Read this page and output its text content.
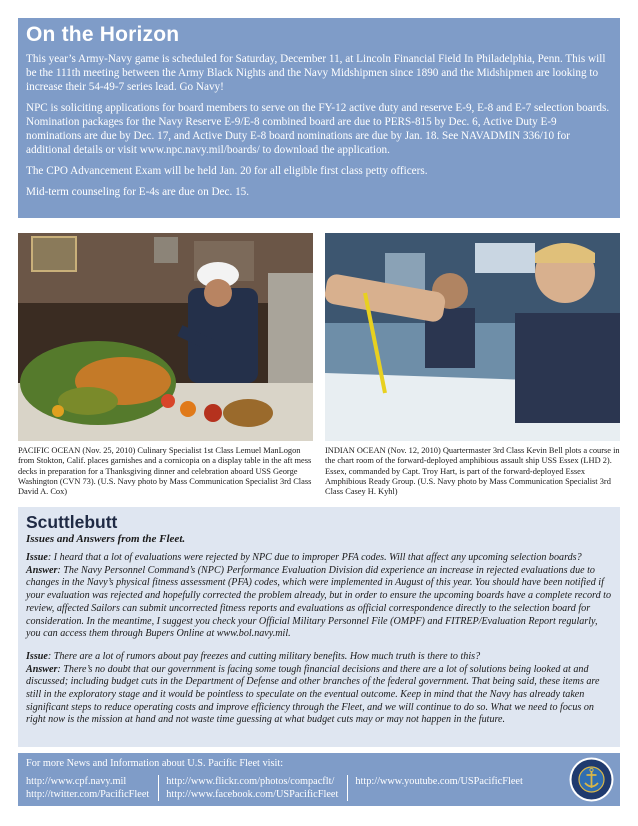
On the Horizon

This year’s Army-Navy game is scheduled for Saturday, December 11, at Lincoln Financial Field In Philadelphia, Penn. This will be the 111th meeting between the Army Black Nights and the Navy Midshipmen since 1890 and the Midshipmen are looking to increase their 54-49-7 series lead. Go Navy!

NPC is soliciting applications for board members to serve on the FY-12 active duty and reserve E-9, E-8 and E-7 selection boards. Nomination packages for the Navy Reserve E-9/E-8 combined board are due to PERS-815 by Dec. 6, Active Duty E-9 nominations are due by Dec. 17, and Active Duty E-8 board nominations are due by Jan. 18. See NAVADMIN 336/10 for additional details or visit www.npc.navy.mil/boards/ to download the application.

The CPO Advancement Exam will be held Jan. 20 for all eligible first class petty officers.

Mid-term counseling for E-4s are due on Dec. 15.

PACIFIC OCEAN (Nov. 25, 2010) Culinary Specialist 1st Class Lemuel ManLogon from Stokton, Calif. places garnishes and a cornicopia on a display table in the aft mess decks in preparation for a Thanksgiving dinner and celebration aboard USS George Washington (CVN 73). (U.S. Navy photo by Mass Communication Specialist 3rd Class David A. Cox)
INDIAN OCEAN (Nov. 12, 2010) Quartermaster 3rd Class Kevin Bell plots a course in the chart room of the forward-deployed amphibious assault ship USS Essex (LHD 2). Essex, commanded by Capt. Troy Hart, is part of the forward-deployed Essex Amphibious Ready Group. (U.S. Navy photo by Mass Communication Specialist 3rd Class Casey H. Kyhl)
Scuttlebutt
Issues and Answers from the Fleet.
Issue: I heard that a lot of evaluations were rejected by NPC due to improper PFA codes. Will that affect any upcoming selection boards?
Answer: The Navy Personnel Command’s (NPC) Performance Evaluation Division did experience an increase in rejected evaluations due to changes in the Navy’s physical fitness assessment (PFA) codes, which were implemented in August of this year. You should have been notified if your evaluation was rejected and hopefully corrected the problem already, but in order to ensure the upcoming boards have a complete record to review, affected Sailors can submit uncorrected fitness reports and evaluations as official correspondence directly to the selection board for consideration. In the meantime, I suggest you check your Official Military Personnel File (OMPF) and FITREP/Evaluation Report regularly, you can access them through Bupers Online at www.bol.navy.mil.
Issue: There are a lot of rumors about pay freezes and cutting military benefits. How much truth is there to this?
Answer: There’s no doubt that our government is facing some tough financial decisions and there are a lot of solutions being looked at and discussed; including budget cuts in the Department of Defense and other branches of the federal government. That being said, these items are still in the exploratory stage and it would be pointless to speculate on the eventual outcome. Keep in mind that the Navy has already taken significant steps to reduce operating costs and improve efficiency through the Fleet, and we will continue to do so. What we need to focus on right now is the mission at hand and not waste time guessing at what budget cuts may or may not happen in the future.
For more News and Information about U.S. Pacific Fleet visit:
http://www.cpf.navy.mil
http://twitter.com/PacificFleet
http://www.flickr.com/photos/compacflt/
http://www.facebook.com/USPacificFleet
http://www.youtube.com/USPacificFleet
